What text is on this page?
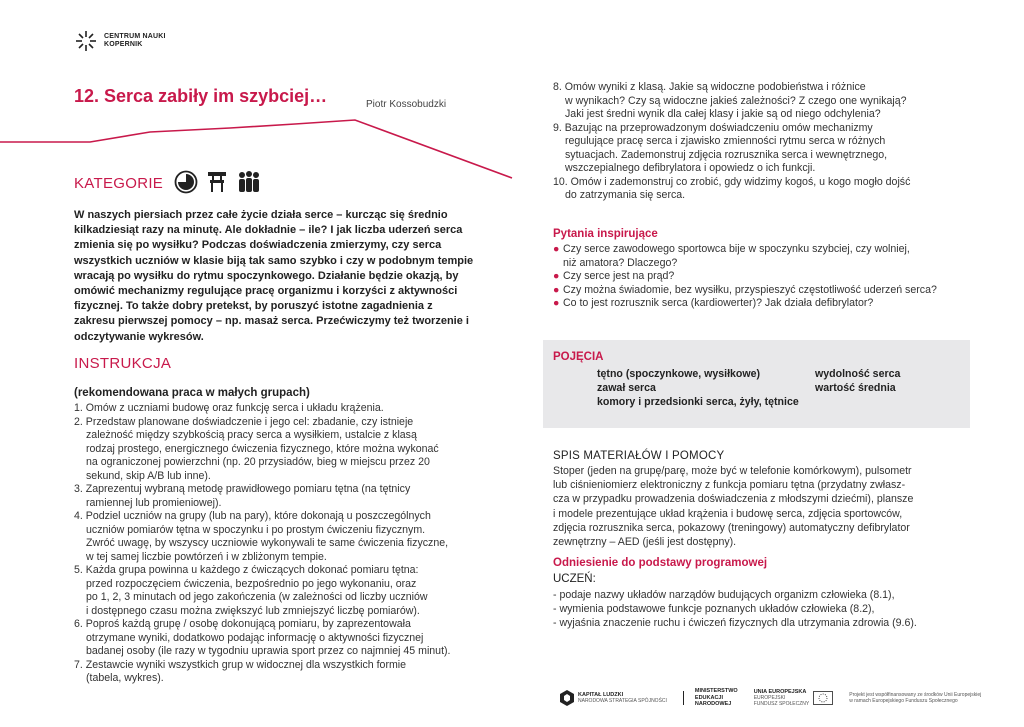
CENTRUM NAUKI
KOPERNIK
12. Serca zabiły im szybciej…	Piotr Kossobudzki
KATEGORIE
W naszych piersiach przez całe życie działa serce – kurcząc się średnio kilkadziesiąt razy na minutę. Ale dokładnie – ile? I jak liczba uderzeń serca zmienia się po wysiłku? Podczas doświadczenia zmierzymy, czy serca wszystkich uczniów w klasie biją tak samo szybko i czy w podobnym tempie wracają po wysiłku do rytmu spoczynkowego. Działanie będzie okazją, by omówić mechanizmy regulujące pracę organizmu i korzyści z aktywności fizycznej. To także dobry pretekst, by poruszyć istotne zagadnienia z zakresu pierwszej pomocy – np. masaż serca. Przećwiczymy też tworzenie i odczytywanie wykresów.
INSTRUKCJA
(rekomendowana praca w małych grupach)

1. Omów z uczniami budowę oraz funkcję serca i układu krążenia.

2. Przedstaw planowane doświadczenie i jego cel: zbadanie, czy istnieje

zależność między szybkością pracy serca a wysiłkiem, ustalcie z klasą

rodzaj prostego, energicznego ćwiczenia fizycznego, które można wykonać

na ograniczonej powierzchni (np. 20 przysiadów, bieg w miejscu przez 20

sekund, skip A/B lub inne).

3. Zaprezentuj wybraną metodę prawidłowego pomiaru tętna (na tętnicy

ramiennej lub promieniowej).

4. Podziel uczniów na grupy (lub na pary), które dokonają u poszczególnych

uczniów pomiarów tętna w spoczynku i po prostym ćwiczeniu fizycznym.

Zwróć uwagę, by wszyscy uczniowie wykonywali te same ćwiczenia fizyczne,

w tej samej liczbie powtórzeń i w zbliżonym tempie.

5. Każda grupa powinna u każdego z ćwiczących dokonać pomiaru tętna:

przed rozpoczęciem ćwiczenia, bezpośrednio po jego wykonaniu, oraz

po 1, 2, 3 minutach od jego zakończenia (w zależności od liczby uczniów

i dostępnego czasu można zwiększyć lub zmniejszyć liczbę pomiarów).

6. Poproś każdą grupę / osobę dokonującą pomiaru, by zaprezentowała

otrzymane wyniki, dodatkowo podając informację o aktywności fizycznej

badanej osoby (ile razy w tygodniu uprawia sport przez co najmniej 45 minut).

7. Zestawcie wyniki wszystkich grup w widocznej dla wszystkich formie

(tabela, wykres).

8. Omów wyniki z klasą. Jakie są widoczne podobieństwa i różnice

w wynikach? Czy są widoczne jakieś zależności? Z czego one wynikają?

Jaki jest średni wynik dla całej klasy i jakie są od niego odchylenia?

9. Bazując na przeprowadzonym doświadczeniu omów mechanizmy

regulujące pracę serca i zjawisko zmienności rytmu serca w różnych

sytuacjach. Zademonstruj zdjęcia rozrusznika serca i wewnętrznego,

wszczepialnego defibrylatora i opowiedz o ich funkcji.

10. Omów i zademonstruj co zrobić, gdy widzimy kogoś, u kogo mogło dojść

do zatrzymania się serca.

Pytania inspirujące
● Czy serce zawodowego sportowca bije w spoczynku szybciej, czy wolniej,
niż amatora? Dlaczego?
● Czy serce jest na prąd?
● Czy można świadomie, bez wysiłku, przyspieszyć częstotliwość uderzeń serca?
● Co to jest rozrusznik serca (kardiowerter)? Jak działa defibrylator?
POJĘCIA
tętno (spoczynkowe, wysiłkowe)
zawał serca
komory i przedsionki serca, żyły, tętnice
wydolność serca
wartość średnia
SPIS MATERIAŁÓW I POMOCY
Stoper (jeden na grupę/parę, może być w telefonie komórkowym), pulsometr
lub ciśnieniomierz elektroniczny z funkcja pomiaru tętna (przydatny zwłasz-
cza w przypadku prowadzenia doświadczenia z młodszymi dziećmi), plansze
i modele prezentujące układ krążenia i budowę serca, zdjęcia sportowców,
zdjęcia rozrusznika serca, pokazowy (treningowy) automatyczny defibrylator
zewnętrzny – AED (jeśli jest dostępny).
Odniesienie do podstawy programowej
UCZEŃ:
- podaje nazwy układów narządów budujących organizm człowieka (8.1),
- wymienia podstawowe funkcje poznanych układów człowieka (8.2),
- wyjaśnia znaczenie ruchu i ćwiczeń fizycznych dla utrzymania zdrowia (9.6).
KAPITAŁ LUDZKI
NARODOWA STRATEGIA SPÓJNOŚCI
MINISTERSTWO
EDUKACJI
NARODOWEJ
UNIA EUROPEJSKA
EUROPEJSKI
FUNDUSZ SPOŁECZNY
Projekt jest współfinansowany ze środków Unii Europejskiej
w ramach Europejskiego Funduszu Społecznego
